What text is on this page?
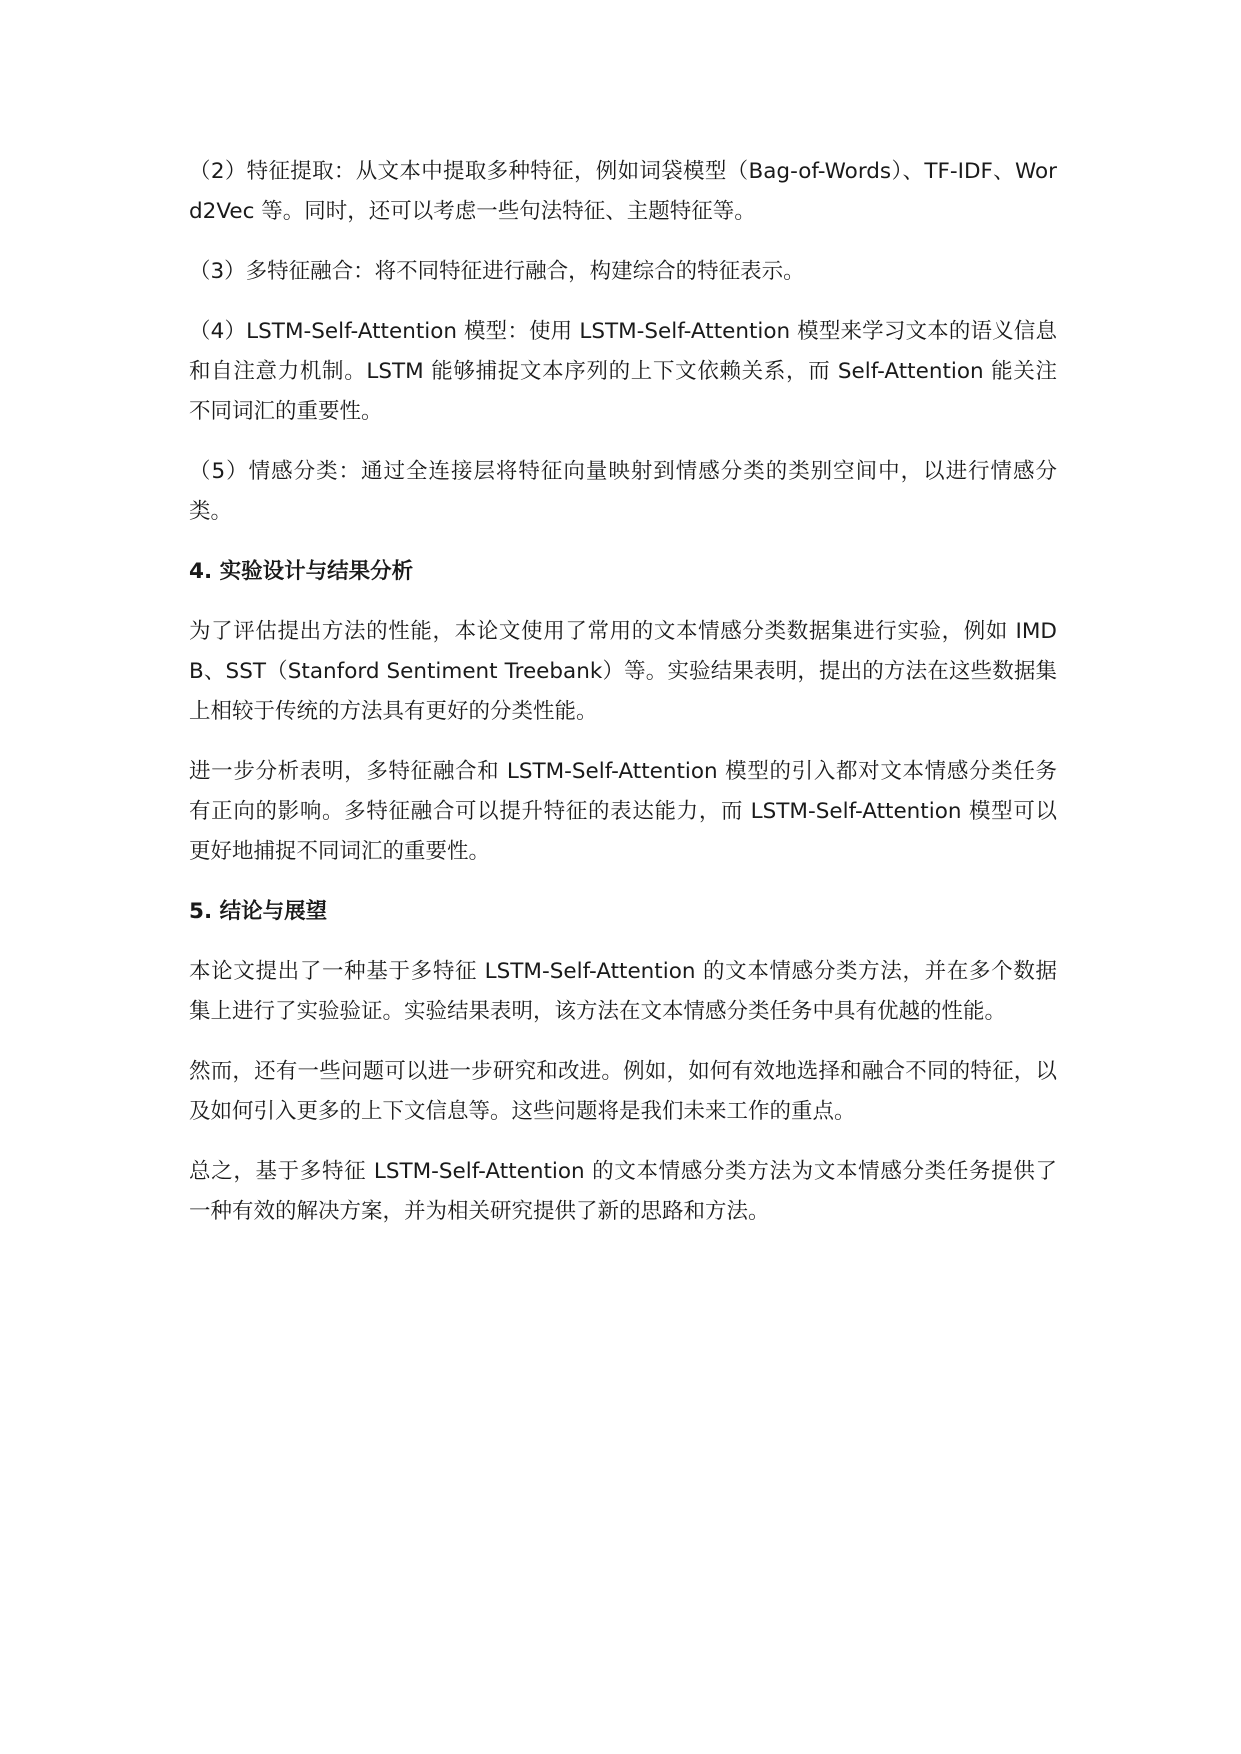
（2）特征提取：从文本中提取多种特征，例如词袋模型（Bag-of-Words）、TF-IDF、Word2Vec 等。同时，还可以考虑一些句法特征、主题特征等。

（3）多特征融合：将不同特征进行融合，构建综合的特征表示。

（4）LSTM-Self-Attention 模型：使用 LSTM-Self-Attention 模型来学习文本的语义信息和自注意力机制。LSTM 能够捕捉文本序列的上下文依赖关系，而 Self-Attention 能关注不同词汇的重要性。

（5）情感分类：通过全连接层将特征向量映射到情感分类的类别空间中，以进行情感分类。

4. 实验设计与结果分析

为了评估提出方法的性能，本论文使用了常用的文本情感分类数据集进行实验，例如 IMDB、SST（Stanford Sentiment Treebank）等。实验结果表明，提出的方法在这些数据集上相较于传统的方法具有更好的分类性能。

进一步分析表明，多特征融合和 LSTM-Self-Attention 模型的引入都对文本情感分类任务有正向的影响。多特征融合可以提升特征的表达能力，而 LSTM-Self-Attention 模型可以更好地捕捉不同词汇的重要性。

5. 结论与展望

本论文提出了一种基于多特征 LSTM-Self-Attention 的文本情感分类方法，并在多个数据集上进行了实验验证。实验结果表明，该方法在文本情感分类任务中具有优越的性能。

然而，还有一些问题可以进一步研究和改进。例如，如何有效地选择和融合不同的特征，以及如何引入更多的上下文信息等。这些问题将是我们未来工作的重点。

总之，基于多特征 LSTM-Self-Attention 的文本情感分类方法为文本情感分类任务提供了一种有效的解决方案，并为相关研究提供了新的思路和方法。
